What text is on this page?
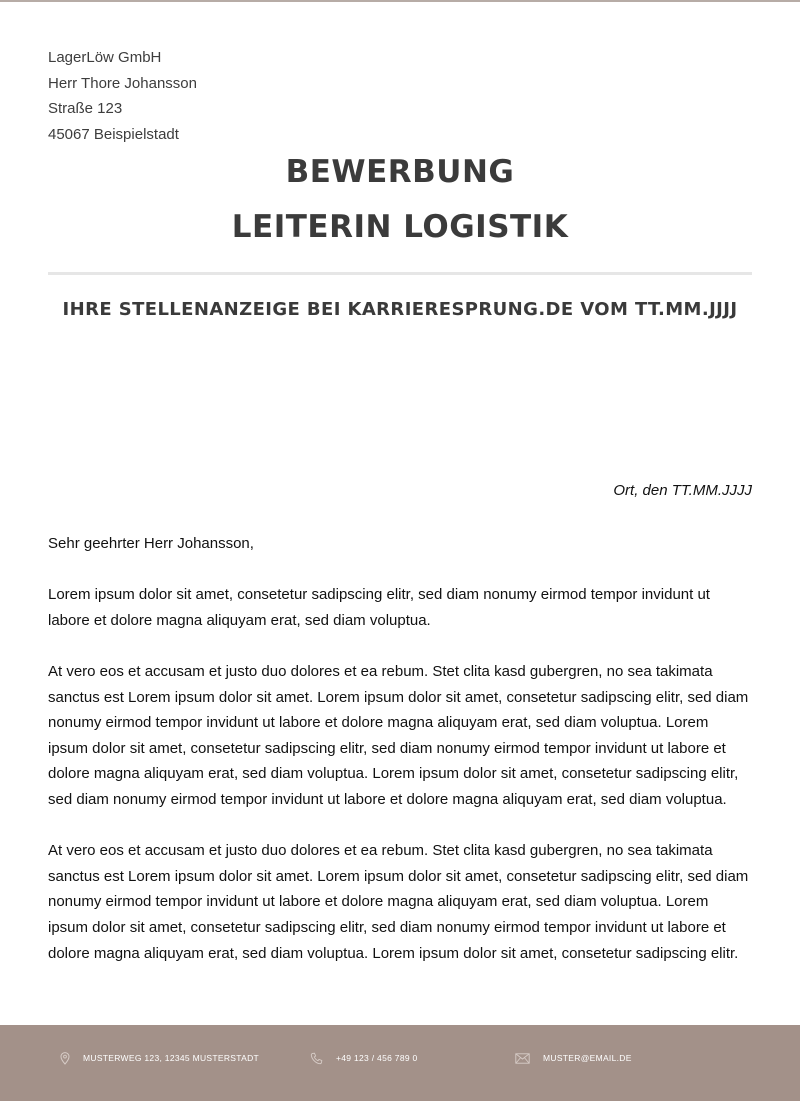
LagerLöw GmbH
Herr Thore Johansson
Straße 123
45067 Beispielstadt
BEWERBUNG
LEITERIN LOGISTIK
IHRE STELLENANZEIGE BEI KARRIERESPRUNG.DE VOM TT.MM.JJJJ
Ort, den TT.MM.JJJJ

Sehr geehrter Herr Johansson,

Lorem ipsum dolor sit amet, consetetur sadipscing elitr, sed diam nonumy eirmod tempor invidunt ut labore et dolore magna aliquyam erat, sed diam voluptua.

At vero eos et accusam et justo duo dolores et ea rebum. Stet clita kasd gubergren, no sea takimata sanctus est Lorem ipsum dolor sit amet. Lorem ipsum dolor sit amet, consetetur sadipscing elitr, sed diam nonumy eirmod tempor invidunt ut labore et dolore magna aliquyam erat, sed diam voluptua. Lorem ipsum dolor sit amet, consetetur sadipscing elitr, sed diam nonumy eirmod tempor invidunt ut labore et dolore magna aliquyam erat, sed diam voluptua. Lorem ipsum dolor sit amet, consetetur sadipscing elitr, sed diam nonumy eirmod tempor invidunt ut labore et dolore magna aliquyam erat, sed diam voluptua.

At vero eos et accusam et justo duo dolores et ea rebum. Stet clita kasd gubergren, no sea takimata sanctus est Lorem ipsum dolor sit amet. Lorem ipsum dolor sit amet, consetetur sadipscing elitr, sed diam nonumy eirmod tempor invidunt ut labore et dolore magna aliquyam erat, sed diam voluptua. Lorem ipsum dolor sit amet, consetetur sadipscing elitr, sed diam nonumy eirmod tempor invidunt ut labore et dolore magna aliquyam erat, sed diam voluptua. Lorem ipsum dolor sit amet, consetetur sadipscing elitr.

MUSTERWEG 123, 12345 MUSTERSTADT	+49 123 / 456 789 0	MUSTER@EMAIL.DE
